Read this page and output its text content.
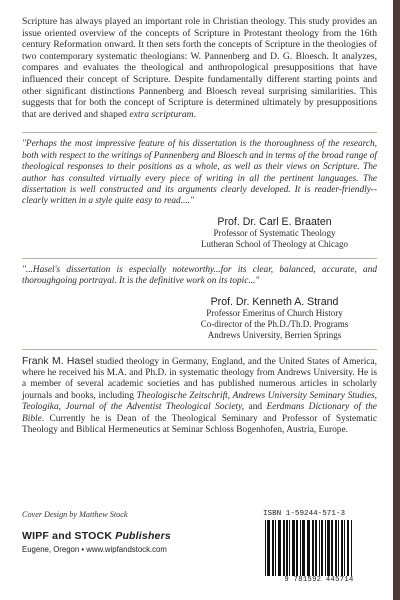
Scripture has always played an important role in Christian theology. This study provides an issue oriented overview of the concepts of Scripture in Protestant theology from the 16th century Reformation onward. It then sets forth the concepts of Scripture in the theologies of two contemporary systematic theologians: W. Pannenberg and D. G. Bloesch. It analyzes, compares and evaluates the theological and anthropological presuppositions that have influenced their concept of Scripture. Despite fundamentally different starting points and other significant distinctions Pannenberg and Bloesch reveal surprising similarities. This suggests that for both the concept of Scripture is determined ultimately by presuppositions that are derived and shaped extra scripturam.

"Perhaps the most impressive feature of his dissertation is the thoroughness of the research, both with respect to the writings of Pannenberg and Bloesch and in terms of the broad range of theological responses to their positions as a whole, as well as their views on Scripture. The author has consulted virtually every piece of writing in all the pertinent languages. The dissertation is well constructed and its arguments clearly developed. It is reader-friendly--clearly written in a style quite easy to read...."

Prof. Dr. Carl E. Braaten
Professor of Systematic Theology
Lutheran School of Theology at Chicago

"...Hasel's dissertation is especially noteworthy...for its clear, balanced, accurate, and thoroughgoing portrayal. It is the definitive work on its topic..."

Prof. Dr. Kenneth A. Strand
Professor Emeritus of Church History
Co-director of the Ph.D./Th.D. Programs
Andrews University, Berrien Springs

Frank M. Hasel studied theology in Germany, England, and the United States of America, where he received his M.A. and Ph.D. in systematic theology from Andrews University. He is a member of several academic societies and has published numerous articles in scholarly journals and books, including Theologische Zeitschrift, Andrews University Seminary Studies, Teologika, Journal of the Adventist Theological Society, and Eerdmans Dictionary of the Bible. Currently he is Dean of the Theological Seminary and Professor of Systematic Theology and Biblical Hermeneutics at Seminar Schloss Bogenhofen, Austria, Europe.

Cover Design by Matthew Stock
WIPF and STOCK Publishers
Eugene, Oregon • www.wipfandstock.com
ISBN 1-59244-571-3
9 781592 445714
